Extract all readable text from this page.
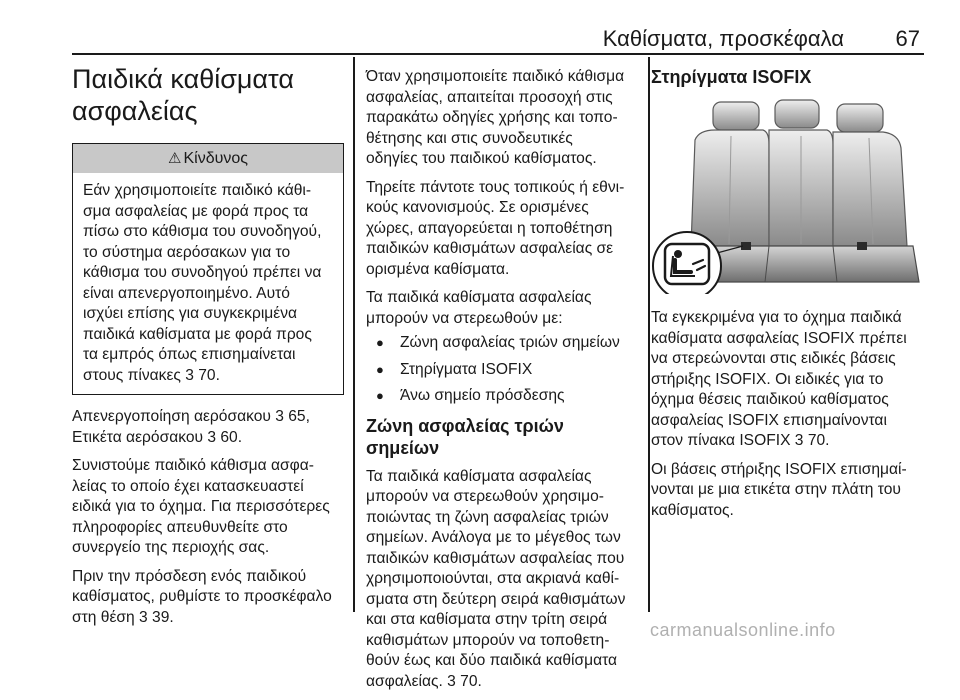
Καθίσματα, προσκέφαλα 67
Παιδικά καθίσματα
ασφαλείας
⚠ Κίνδυνος
Εάν χρησιμοποιείτε παιδικό κάθι‐
σμα ασφαλείας με φορά προς τα
πίσω στο κάθισμα του συνοδηγού,
το σύστημα αερόσακων για το
κάθισμα του συνοδηγού πρέπει να
είναι απενεργοποιημένο. Αυτό
ισχύει επίσης για συγκεκριμένα
παιδικά καθίσματα με φορά προς
τα εμπρός όπως επισημαίνεται
στους πίνακες 3 70.

Απενεργοποίηση αερόσακου 3 65,
Ετικέτα αερόσακου 3 60.

Συνιστούμε παιδικό κάθισμα ασφα‐
λείας το οποίο έχει κατασκευαστεί
ειδικά για το όχημα. Για περισσότερες
πληροφορίες απευθυνθείτε στο
συνεργείο της περιοχής σας.

Πριν την πρόσδεση ενός παιδικού
καθίσματος, ρυθμίστε το προσκέφαλο
στη θέση 3 39.

Όταν χρησιμοποιείτε παιδικό κάθισμα
ασφαλείας, απαιτείται προσοχή στις
παρακάτω οδηγίες χρήσης και τοπο‐
θέτησης και στις συνοδευτικές
οδηγίες του παιδικού καθίσματος.

Τηρείτε πάντοτε τους τοπικούς ή εθνι‐
κούς κανονισμούς. Σε ορισμένες
χώρες, απαγορεύεται η τοποθέτηση
παιδικών καθισμάτων ασφαλείας σε
ορισμένα καθίσματα.

Τα παιδικά καθίσματα ασφαλείας
μπορούν να στερεωθούν με:

● Ζώνη ασφαλείας τριών σημείων
● Στηρίγματα ISOFIX
● Άνω σημείο πρόσδεσης
Ζώνη ασφαλείας τριών σημείων

Τα παιδικά καθίσματα ασφαλείας
μπορούν να στερεωθούν χρησιμο‐
ποιώντας τη ζώνη ασφαλείας τριών
σημείων. Ανάλογα με το μέγεθος των
παιδικών καθισμάτων ασφαλείας που
χρησιμοποιούνται, στα ακριανά καθί‐
σματα στη δεύτερη σειρά καθισμάτων
και στα καθίσματα στην τρίτη σειρά
καθισμάτων μπορούν να τοποθετη‐
θούν έως και δύο παιδικά καθίσματα
ασφαλείας. 3 70.

Στηρίγματα ISOFIX

Τα εγκεκριμένα για το όχημα παιδικά
καθίσματα ασφαλείας ISOFIX πρέπει
να στερεώνονται στις ειδικές βάσεις
στήριξης ISOFIX. Οι ειδικές για το
όχημα θέσεις παιδικού καθίσματος
ασφαλείας ISOFIX επισημαίνονται
στον πίνακα ISOFIX 3 70.

Οι βάσεις στήριξης ISOFIX επισημαί‐
νονται με μια ετικέτα στην πλάτη του
καθίσματος.

carmanualsonline.info
